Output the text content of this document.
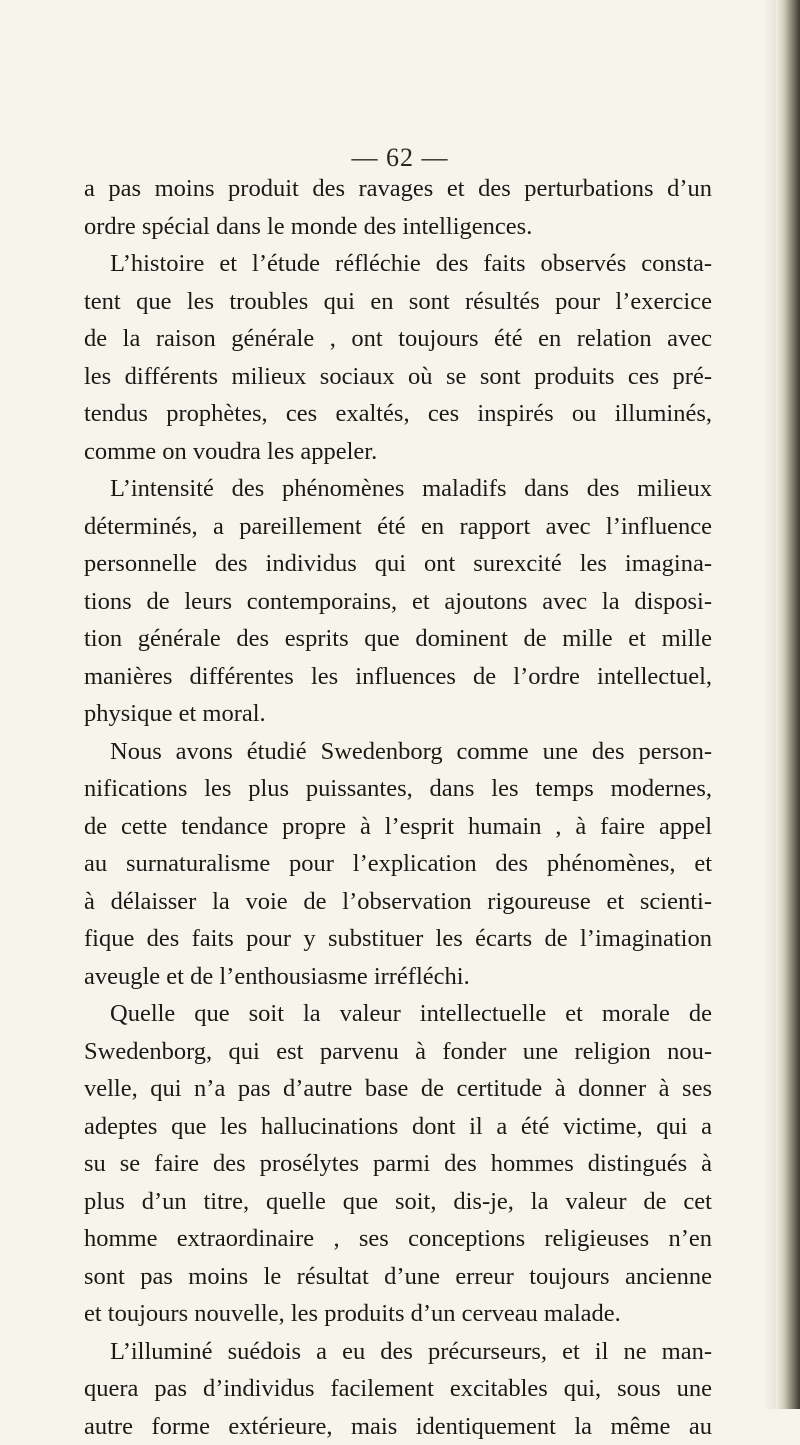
— 62 —
a pas moins produit des ravages et des perturbations d’un
ordre spécial dans le monde des intelligences.
L’histoire et l’étude réfléchie des faits observés consta-
tent que les troubles qui en sont résultés pour l’exercice
de la raison générale , ont toujours été en relation avec
les différents milieux sociaux où se sont produits ces pré-
tendus prophètes, ces exaltés, ces inspirés ou illuminés,
comme on voudra les appeler.
L’intensité des phénomènes maladifs dans des milieux
déterminés, a pareillement été en rapport avec l’influence
personnelle des individus qui ont surexcité les imagina-
tions de leurs contemporains, et ajoutons avec la disposi-
tion générale des esprits que dominent de mille et mille
manières différentes les influences de l’ordre intellectuel,
physique et moral.
Nous avons étudié Swedenborg comme une des person-
nifications les plus puissantes, dans les temps modernes,
de cette tendance propre à l’esprit humain , à faire appel
au surnaturalisme pour l’explication des phénomènes, et
à délaisser la voie de l’observation rigoureuse et scienti-
fique des faits pour y substituer les écarts de l’imagination
aveugle et de l’enthousiasme irréfléchi.
Quelle que soit la valeur intellectuelle et morale de
Swedenborg, qui est parvenu à fonder une religion nou-
velle, qui n’a pas d’autre base de certitude à donner à ses
adeptes que les hallucinations dont il a été victime, qui a
su se faire des prosélytes parmi des hommes distingués à
plus d’un titre, quelle que soit, dis-je, la valeur de cet
homme extraordinaire , ses conceptions religieuses n’en
sont pas moins le résultat d’une erreur toujours ancienne
et toujours nouvelle, les produits d’un cerveau malade.
L’illuminé suédois a eu des précurseurs, et il ne man-
quera pas d’individus facilement excitables qui, sous une
autre forme extérieure, mais identiquement la même au
